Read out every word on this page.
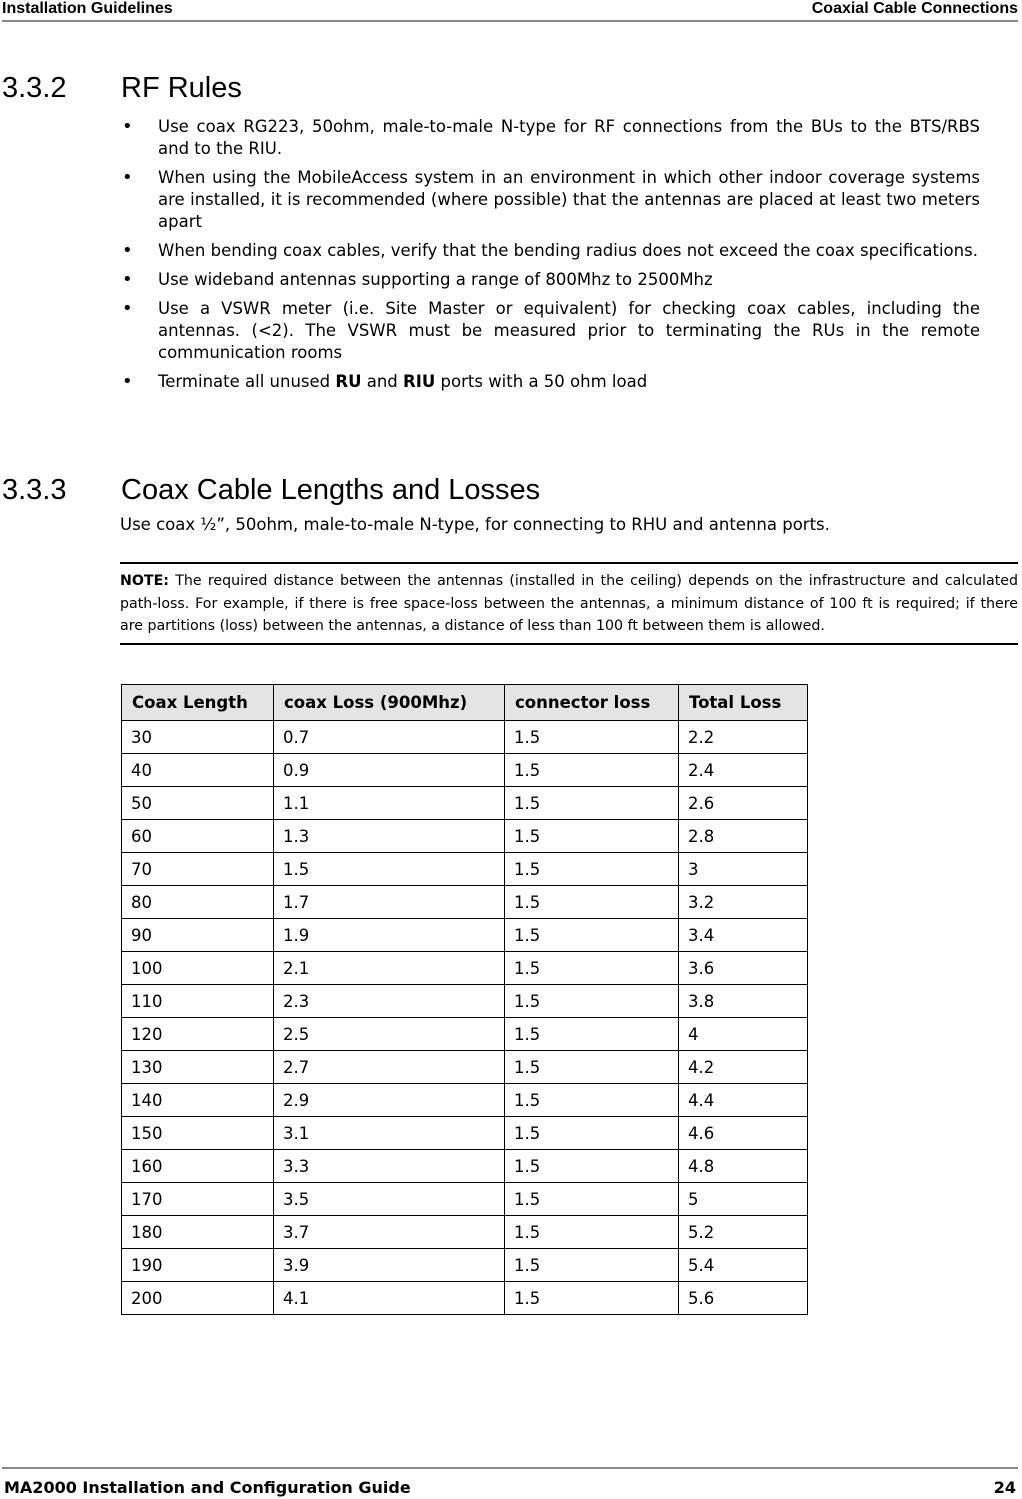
Installation Guidelines	Coaxial Cable Connections
3.3.2 RF Rules
• Use coax RG223, 50ohm, male-to-male N-type for RF connections from the BUs to the BTS/RBS and to the RIU.
• When using the MobileAccess system in an environment in which other indoor coverage systems are installed, it is recommended (where possible) that the antennas are placed at least two meters apart
• When bending coax cables, verify that the bending radius does not exceed the coax specifications.
• Use wideband antennas supporting a range of 800Mhz to 2500Mhz
• Use a VSWR meter (i.e. Site Master or equivalent) for checking coax cables, including the antennas. (<2). The VSWR must be measured prior to terminating the RUs in the remote communication rooms
• Terminate all unused RU and RIU ports with a 50 ohm load
3.3.3 Coax Cable Lengths and Losses
Use coax ½”, 50ohm, male-to-male N-type, for connecting to RHU and antenna ports.
NOTE: The required distance between the antennas (installed in the ceiling) depends on the infrastructure and calculated path-loss. For example, if there is free space-loss between the antennas, a minimum distance of 100 ft is required; if there are partitions (loss) between the antennas, a distance of less than 100 ft between them is allowed.
Coax Length	coax Loss (900Mhz)	connector loss	Total Loss
30	0.7	1.5	2.2
40	0.9	1.5	2.4
50	1.1	1.5	2.6
60	1.3	1.5	2.8
70	1.5	1.5	3
80	1.7	1.5	3.2
90	1.9	1.5	3.4
100	2.1	1.5	3.6
110	2.3	1.5	3.8
120	2.5	1.5	4
130	2.7	1.5	4.2
140	2.9	1.5	4.4
150	3.1	1.5	4.6
160	3.3	1.5	4.8
170	3.5	1.5	5
180	3.7	1.5	5.2
190	3.9	1.5	5.4
200	4.1	1.5	5.6
MA2000 Installation and Configuration Guide	24
